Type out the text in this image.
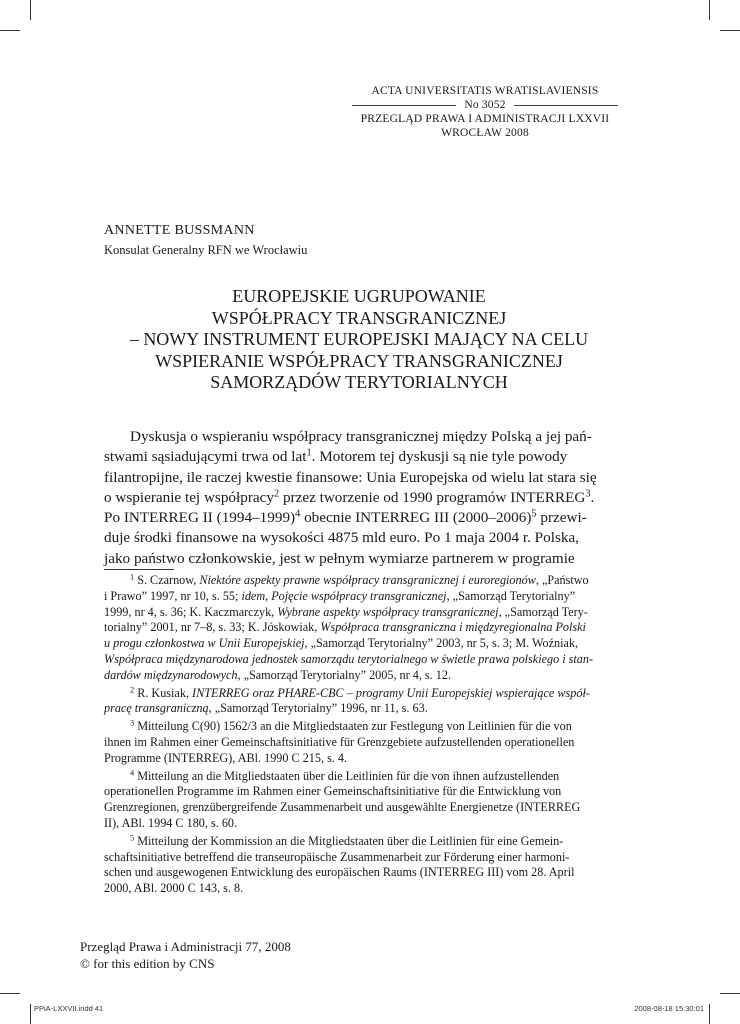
ACTA UNIVERSITATIS WRATISLAVIENSIS
No 3052
PRZEGLĄD PRAWA I ADMINISTRACJI LXXVII
WROCŁAW 2008
ANNETTE BUSSMANN
Konsulat Generalny RFN we Wrocławiu
EUROPEJSKIE UGRUPOWANIE
WSPÓŁPRACY TRANSGRANICZNEJ
– NOWY INSTRUMENT EUROPEJSKI MAJĄCY NA CELU
WSPIERANIE WSPÓŁPRACY TRANSGRANICZNEJ
SAMORZĄDÓW TERYTORIALNYCH
Dyskusja o wspieraniu współpracy transgranicznej między Polską a jej pań-
stwami sąsiadującymi trwa od lat$^1$. Motorem tej dyskusji są nie tyle powody
filantropijne, ile raczej kwestie finansowe: Unia Europejska od wielu lat stara się
o wspieranie tej współpracy$^2$ przez tworzenie od 1990 programów INTERREG$^3$.
Po INTERREG II (1994–1999)$^4$ obecnie INTERREG III (2000–2006)$^5$ przewi-
duje środki finansowe na wysokości 4875 mld euro. Po 1 maja 2004 r. Polska,
jako państwo członkowskie, jest w pełnym wymiarze partnerem w programie
$^1$ S. Czarnow, Niektóre aspekty prawne współpracy transgranicznej i euroregionów, „Państwo
i Prawo” 1997, nr 10, s. 55; idem, Pojęcie współpracy transgranicznej, „Samorząd Terytorialny”
1999, nr 4, s. 36; K. Kaczmarczyk, Wybrane aspekty współpracy transgranicznej, „Samorząd Tery-
torialny” 2001, nr 7–8, s. 33; K. Jóskowiak, Współpraca transgraniczna i międzyregionalna Polski
u progu członkostwa w Unii Europejskiej, „Samorząd Terytorialny” 2003, nr 5, s. 3; M. Woźniak,
Współpraca międzynarodowa jednostek samorządu terytorialnego w świetle prawa polskiego i stan-
dardów międzynarodowych, „Samorząd Terytorialny” 2005, nr 4, s. 12.
$^2$ R. Kusiak, INTERREG oraz PHARE-CBC – programy Unii Europejskiej wspierające współ-
pracę transgraniczną, „Samorząd Terytorialny” 1996, nr 11, s. 63.
$^3$ Mitteilung C(90) 1562/3 an die Mitgliedstaaten zur Festlegung von Leitlinien für die von
ihnen im Rahmen einer Gemeinschaftsinitiative für Grenzgebiete aufzustellenden operationellen
Programme (INTERREG), ABl. 1990 C 215, s. 4.
$^4$ Mitteilung an die Mitgliedstaaten über die Leitlinien für die von ihnen aufzustellenden
operationellen Programme im Rahmen einer Gemeinschaftsinitiative für die Entwicklung von
Grenzregionen, grenzübergreifende Zusammenarbeit und ausgewählte Energienetze (INTERREG
II), ABl. 1994 C 180, s. 60.
$^5$ Mitteilung der Kommission an die Mitgliedstaaten über die Leitlinien für eine Gemein-
schaftsinitiative betreffend die transeuropäische Zusammenarbeit zur Förderung einer harmoni-
schen und ausgewogenen Entwicklung des europäischen Raums (INTERREG III) vom 28. April
2000, ABl. 2000 C 143, s. 8.
Przegląd Prawa i Administracji 77, 2008
© for this edition by CNS
PPiA-LXXVII.indd 41	2008-08-18 15:30:01
